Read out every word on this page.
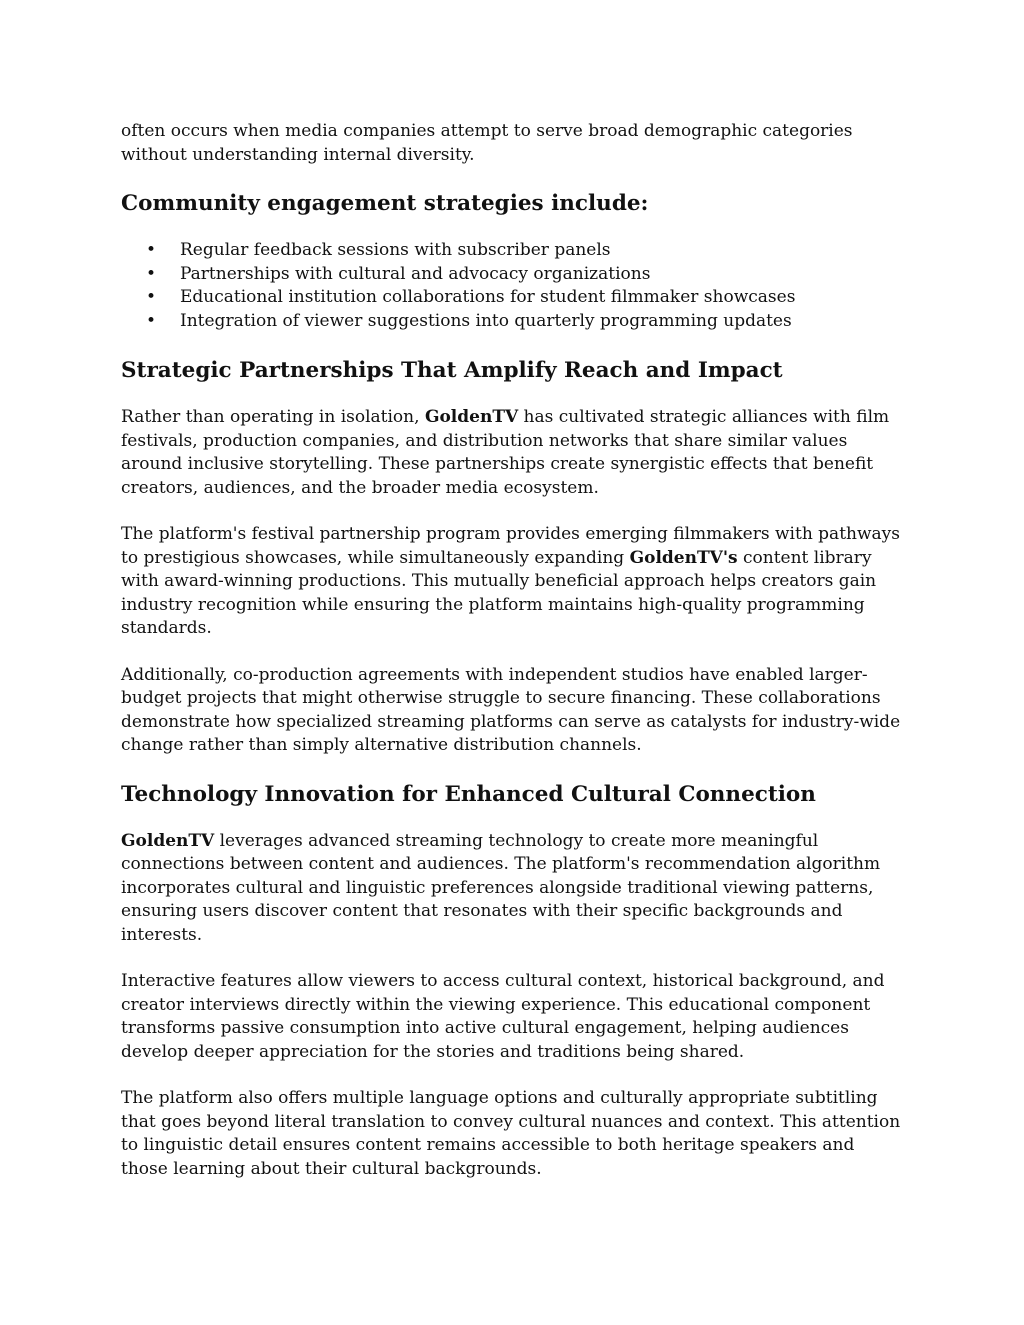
often occurs when media companies attempt to serve broad demographic categories without understanding internal diversity.

Community engagement strategies include:
• Regular feedback sessions with subscriber panels
• Partnerships with cultural and advocacy organizations
• Educational institution collaborations for student filmmaker showcases
• Integration of viewer suggestions into quarterly programming updates
Strategic Partnerships That Amplify Reach and Impact

Rather than operating in isolation, GoldenTV has cultivated strategic alliances with film festivals, production companies, and distribution networks that share similar values around inclusive storytelling. These partnerships create synergistic effects that benefit creators, audiences, and the broader media ecosystem.

The platform's festival partnership program provides emerging filmmakers with pathways to prestigious showcases, while simultaneously expanding GoldenTV's content library with award-winning productions. This mutually beneficial approach helps creators gain industry recognition while ensuring the platform maintains high-quality programming standards.

Additionally, co-production agreements with independent studios have enabled larger-budget projects that might otherwise struggle to secure financing. These collaborations demonstrate how specialized streaming platforms can serve as catalysts for industry-wide change rather than simply alternative distribution channels.

Technology Innovation for Enhanced Cultural Connection

GoldenTV leverages advanced streaming technology to create more meaningful connections between content and audiences. The platform's recommendation algorithm incorporates cultural and linguistic preferences alongside traditional viewing patterns, ensuring users discover content that resonates with their specific backgrounds and interests.

Interactive features allow viewers to access cultural context, historical background, and creator interviews directly within the viewing experience. This educational component transforms passive consumption into active cultural engagement, helping audiences develop deeper appreciation for the stories and traditions being shared.

The platform also offers multiple language options and culturally appropriate subtitling that goes beyond literal translation to convey cultural nuances and context. This attention to linguistic detail ensures content remains accessible to both heritage speakers and those learning about their cultural backgrounds.
